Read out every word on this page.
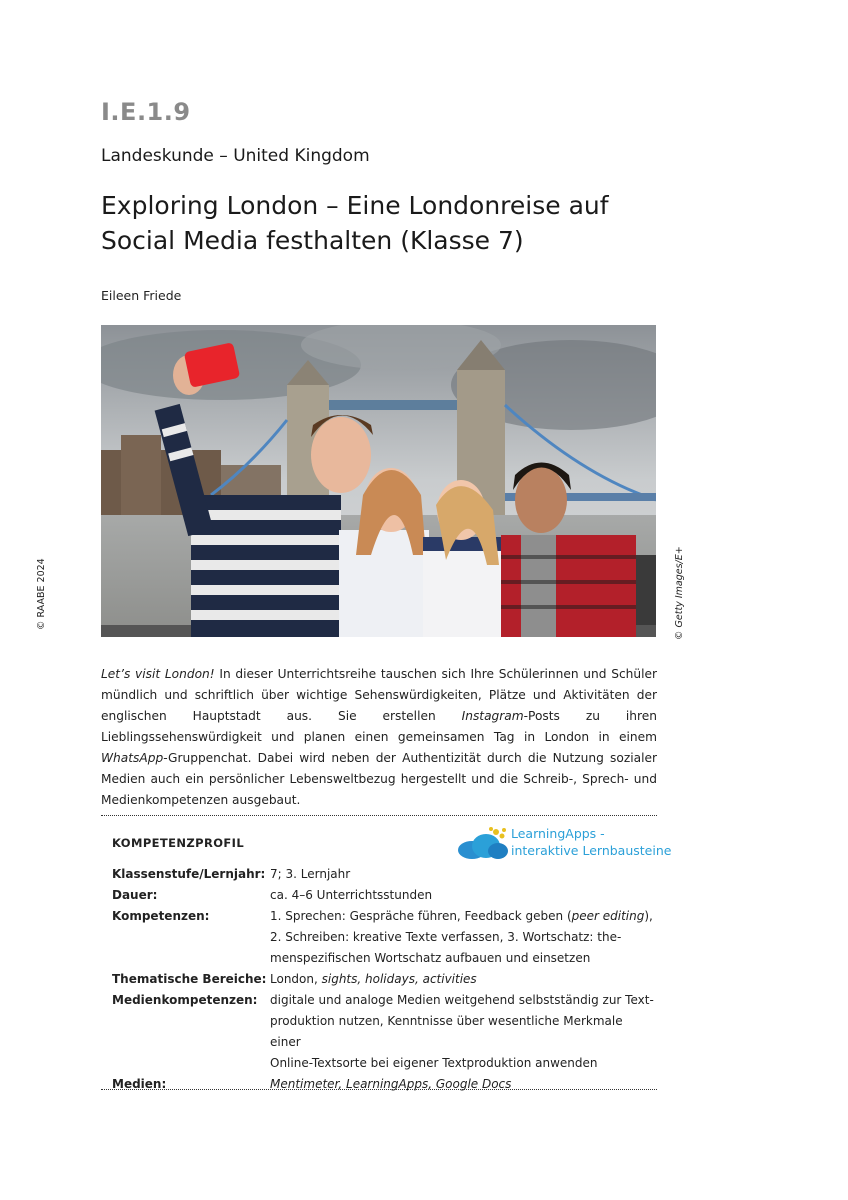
I.E.1.9
Landeskunde – United Kingdom
Exploring London – Eine Londonreise auf Social Media festhalten (Klasse 7)
Eileen Friede
© RAABE 2024	© Getty Images/E+
Let’s visit London! In dieser Unterrichtsreihe tauschen sich Ihre Schülerinnen und Schüler mündlich und schriftlich über wichtige Sehenswürdigkeiten, Plätze und Aktivitäten der englischen Hauptstadt aus. Sie erstellen Instagram-Posts zu ihren Lieblingssehenswürdigkeit und planen einen gemeinsamen Tag in London in einem WhatsApp-Gruppenchat. Dabei wird neben der Authentizität durch die Nutzung sozialer Medien auch ein persönlicher Lebensweltbezug hergestellt und die Schreib-, Sprech- und Medienkompetenzen ausgebaut.
KOMPETENZPROFIL
LearningApps -
interaktive Lernbausteine
Klassenstufe/Lernjahr: 7; 3. Lernjahr
Dauer:	ca. 4–6 Unterrichtsstunden
Kompetenzen:	1. Sprechen: Gespräche führen, Feedback geben (peer editing),
2. Schreiben: kreative Texte verfassen, 3. Wortschatz: the-
menspezifischen Wortschatz aufbauen und einsetzen
Thematische Bereiche: London, sights, holidays, activities
Medienkompetenzen:	digitale und analoge Medien weitgehend selbstständig zur Text-
produktion nutzen, Kenntnisse über wesentliche Merkmale einer
Online-Textsorte bei eigener Textproduktion anwenden
Medien:	Mentimeter, LearningApps, Google Docs
